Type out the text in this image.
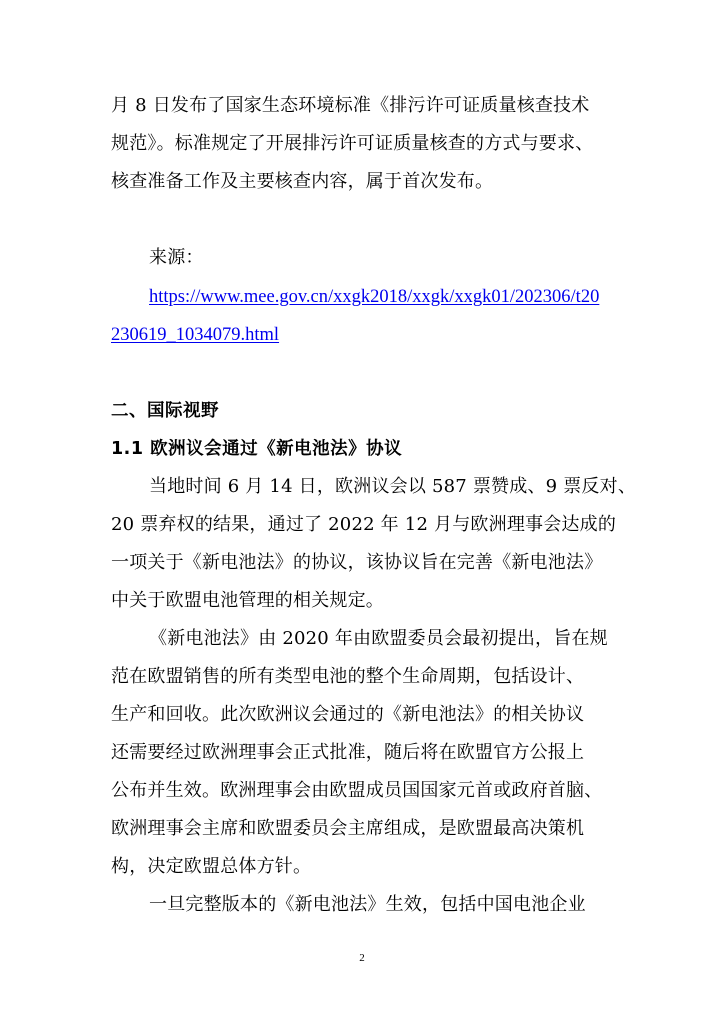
月 8 日发布了国家生态环境标准《排污许可证质量核查技术
规范》。标准规定了开展排污许可证质量核查的方式与要求、
核查准备工作及主要核查内容，属于首次发布。
来源：
https://www.mee.gov.cn/xxgk2018/xxgk/xxgk01/202306/t20
230619_1034079.html
二、国际视野
1.1 欧洲议会通过《新电池法》协议
当地时间 6 月 14 日，欧洲议会以 587 票赞成、9 票反对、
20 票弃权的结果，通过了 2022 年 12 月与欧洲理事会达成的
一项关于《新电池法》的协议，该协议旨在完善《新电池法》
中关于欧盟电池管理的相关规定。
《新电池法》由 2020 年由欧盟委员会最初提出，旨在规
范在欧盟销售的所有类型电池的整个生命周期，包括设计、
生产和回收。此次欧洲议会通过的《新电池法》的相关协议
还需要经过欧洲理事会正式批准，随后将在欧盟官方公报上
公布并生效。欧洲理事会由欧盟成员国国家元首或政府首脑、
欧洲理事会主席和欧盟委员会主席组成，是欧盟最高决策机
构，决定欧盟总体方针。
一旦完整版本的《新电池法》生效，包括中国电池企业
2
